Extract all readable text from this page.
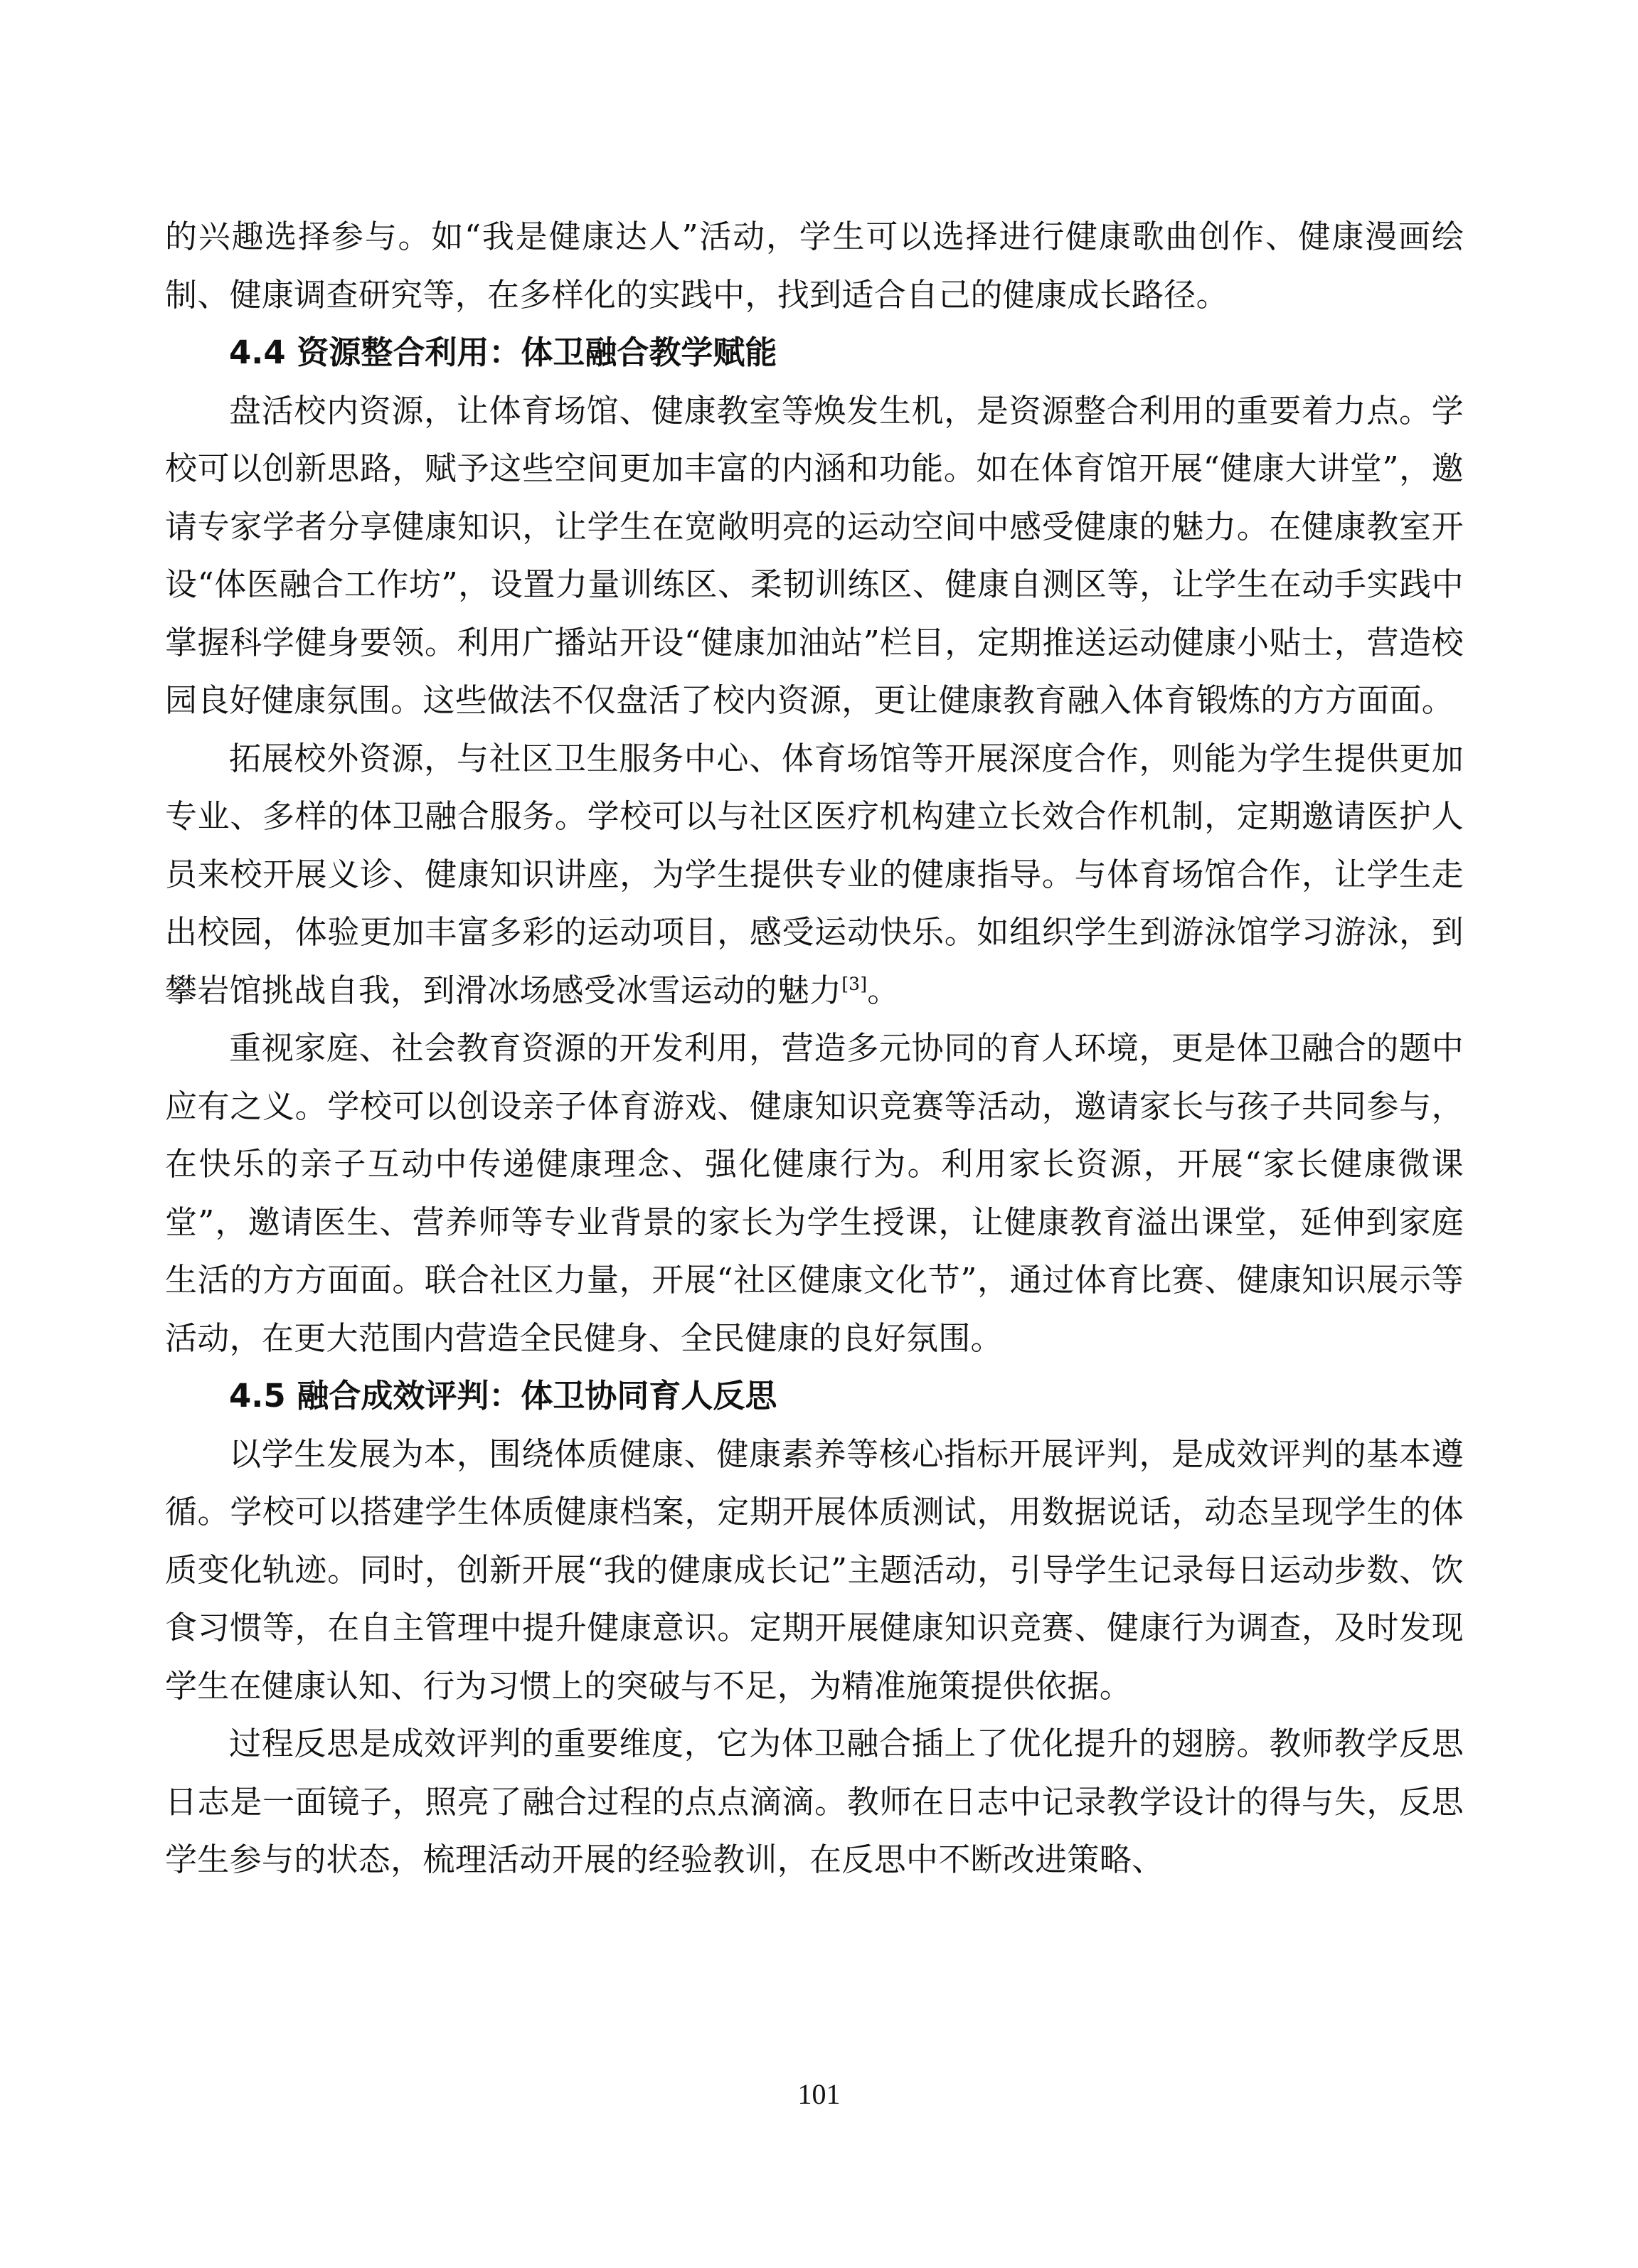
的兴趣选择参与。如“我是健康达人”活动，学生可以选择进行健康歌曲创作、健康漫画绘制、健康调查研究等，在多样化的实践中，找到适合自己的健康成长路径。

4.4 资源整合利用：体卫融合教学赋能

盘活校内资源，让体育场馆、健康教室等焕发生机，是资源整合利用的重要着力点。学校可以创新思路，赋予这些空间更加丰富的内涵和功能。如在体育馆开展“健康大讲堂”，邀请专家学者分享健康知识，让学生在宽敞明亮的运动空间中感受健康的魅力。在健康教室开设“体医融合工作坊”，设置力量训练区、柔韧训练区、健康自测区等，让学生在动手实践中掌握科学健身要领。利用广播站开设“健康加油站”栏目，定期推送运动健康小贴士，营造校园良好健康氛围。这些做法不仅盘活了校内资源，更让健康教育融入体育锻炼的方方面面。

拓展校外资源，与社区卫生服务中心、体育场馆等开展深度合作，则能为学生提供更加专业、多样的体卫融合服务。学校可以与社区医疗机构建立长效合作机制，定期邀请医护人员来校开展义诊、健康知识讲座，为学生提供专业的健康指导。与体育场馆合作，让学生走出校园，体验更加丰富多彩的运动项目，感受运动快乐。如组织学生到游泳馆学习游泳，到攀岩馆挑战自我，到滑冰场感受冰雪运动的魅力[3]。

重视家庭、社会教育资源的开发利用，营造多元协同的育人环境，更是体卫融合的题中应有之义。学校可以创设亲子体育游戏、健康知识竞赛等活动，邀请家长与孩子共同参与，在快乐的亲子互动中传递健康理念、强化健康行为。利用家长资源，开展“家长健康微课堂”，邀请医生、营养师等专业背景的家长为学生授课，让健康教育溢出课堂，延伸到家庭生活的方方面面。联合社区力量，开展“社区健康文化节”，通过体育比赛、健康知识展示等活动，在更大范围内营造全民健身、全民健康的良好氛围。

4.5 融合成效评判：体卫协同育人反思

以学生发展为本，围绕体质健康、健康素养等核心指标开展评判，是成效评判的基本遵循。学校可以搭建学生体质健康档案，定期开展体质测试，用数据说话，动态呈现学生的体质变化轨迹。同时，创新开展“我的健康成长记”主题活动，引导学生记录每日运动步数、饮食习惯等，在自主管理中提升健康意识。定期开展健康知识竞赛、健康行为调查，及时发现学生在健康认知、行为习惯上的突破与不足，为精准施策提供依据。

过程反思是成效评判的重要维度，它为体卫融合插上了优化提升的翅膀。教师教学反思日志是一面镜子，照亮了融合过程的点点滴滴。教师在日志中记录教学设计的得与失，反思学生参与的状态，梳理活动开展的经验教训，在反思中不断改进策略、

101
